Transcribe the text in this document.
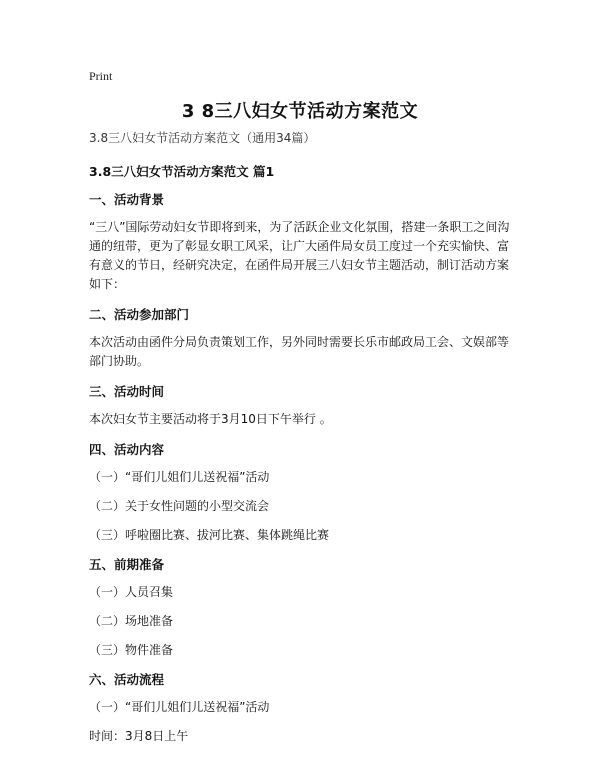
Print
3 8三八妇女节活动方案范文

3.8三八妇女节活动方案范文（通用34篇）

3.8三八妇女节活动方案范文 篇1

一、活动背景

“三八”国际劳动妇女节即将到来，为了活跃企业文化氛围，搭建一条职工之间沟通的纽带，更为了彰显女职工风采，让广大函件局女员工度过一个充实愉快、富有意义的节日，经研究决定，在函件局开展三八妇女节主题活动，制订活动方案如下：

二、活动参加部门

本次活动由函件分局负责策划工作，另外同时需要长乐市邮政局工会、文娱部等部门协助。

三、活动时间

本次妇女节主要活动将于3月10日下午举行 。

四、活动内容

（一）“哥们儿姐们儿送祝福”活动

（二）关于女性问题的小型交流会

（三）呼啦圈比赛、拔河比赛、集体跳绳比赛

五、前期准备

（一）人员召集

（二）场地准备

（三）物件准备

六、活动流程

（一）“哥们儿姐们儿送祝福”活动

时间：3月8日上午
